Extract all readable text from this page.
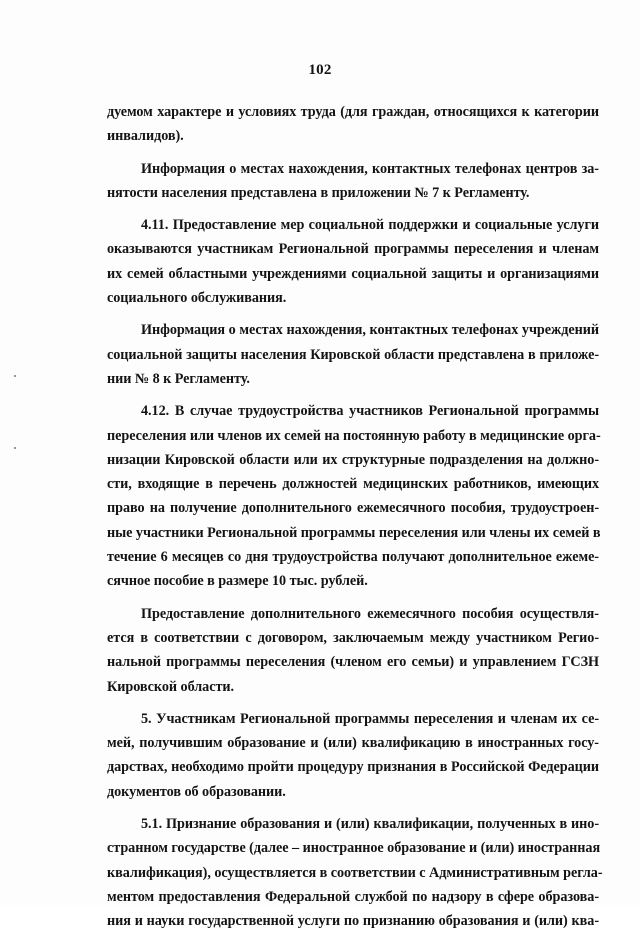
102

дуемом характере и условиях труда (для граждан, относящихся к категории
инвалидов).

Информация о местах нахождения, контактных телефонах центров за-
нятости населения представлена в приложении № 7 к Регламенту.

4.11. Предоставление мер социальной поддержки и социальные услуги
оказываются участникам Региональной программы переселения и членам
их семей областными учреждениями социальной защиты и организациями
социального обслуживания.

Информация о местах нахождения, контактных телефонах учреждений
социальной защиты населения Кировской области представлена в приложе-
нии № 8 к Регламенту.

4.12. В случае трудоустройства участников Региональной программы
переселения или членов их семей на постоянную работу в медицинские орга-
низации Кировской области или их структурные подразделения на должно-
сти, входящие в перечень должностей медицинских работников, имеющих
право на получение дополнительного ежемесячного пособия, трудоустроен-
ные участники Региональной программы переселения или члены их семей в
течение 6 месяцев со дня трудоустройства получают дополнительное ежеме-
сячное пособие в размере 10 тыс. рублей.

Предоставление дополнительного ежемесячного пособия осуществля-
ется в соответствии с договором, заключаемым между участником Регио-
нальной программы переселения (членом его семьи) и управлением ГСЗН
Кировской области.

5. Участникам Региональной программы переселения и членам их се-
мей, получившим образование и (или) квалификацию в иностранных госу-
дарствах, необходимо пройти процедуру признания в Российской Федерации
документов об образовании.

5.1. Признание образования и (или) квалификации, полученных в ино-
странном государстве (далее – иностранное образование и (или) иностранная
квалификация), осуществляется в соответствии с Административным регла-
ментом предоставления Федеральной службой по надзору в сфере образова-
ния и науки государственной услуги по признанию образования и (или) ква-
